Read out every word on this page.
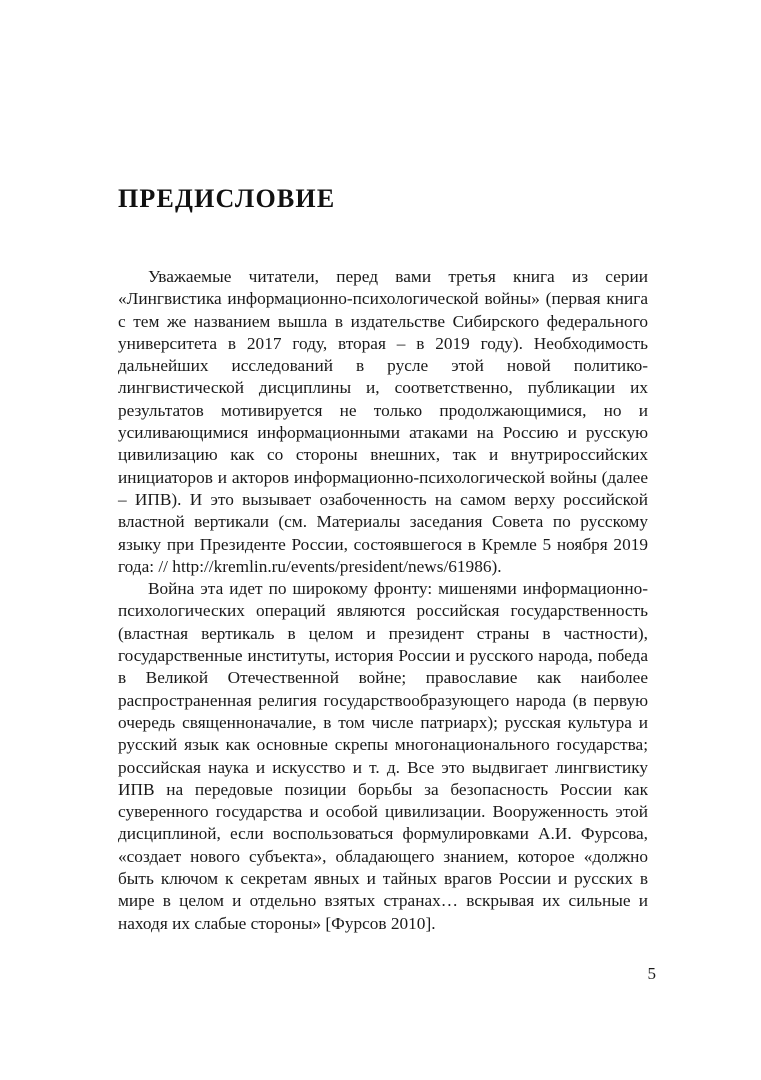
ПРЕДИСЛОВИЕ

Уважаемые читатели, перед вами третья книга из серии «Лингвистика информационно-психологической войны» (первая книга с тем же названием вышла в издательстве Сибирского федерального университета в 2017 году, вторая – в 2019 году). Необходимость дальнейших исследований в русле этой новой политико-лингвистической дисциплины и, соответственно, публикации их результатов мотивируется не только продолжающимися, но и усиливающимися информационными атаками на Россию и русскую цивилизацию как со стороны внешних, так и внутрироссийских инициаторов и акторов информационно-психологической войны (далее – ИПВ). И это вызывает озабоченность на самом верху российской властной вертикали (см. Материалы заседания Совета по русскому языку при Президенте России, состоявшегося в Кремле 5 ноября 2019 года: // http://kremlin.ru/events/president/news/61986).

Война эта идет по широкому фронту: мишенями информационно-психологических операций являются российская государственность (властная вертикаль в целом и президент страны в частности), государственные институты, история России и русского народа, победа в Великой Отечественной войне; православие как наиболее распространенная религия государствообразующего народа (в первую очередь священноначалие, в том числе патриарх); русская культура и русский язык как основные скрепы многонационального государства; российская наука и искусство и т. д. Все это выдвигает лингвистику ИПВ на передовые позиции борьбы за безопасность России как суверенного государства и особой цивилизации. Вооруженность этой дисциплиной, если воспользоваться формулировками А.И. Фурсова, «создает нового субъекта», обладающего знанием, которое «должно быть ключом к секретам явных и тайных врагов России и русских в мире в целом и отдельно взятых странах… вскрывая их сильные и находя их слабые стороны» [Фурсов 2010].

5
